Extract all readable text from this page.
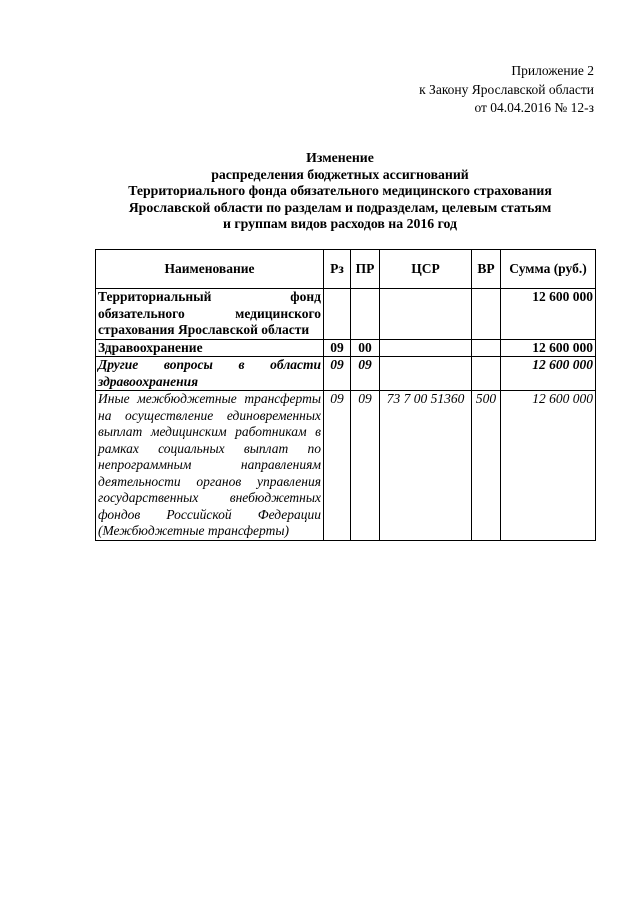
Приложение 2
к Закону Ярославской области
от 04.04.2016 № 12-з
Изменение
распределения бюджетных ассигнований
Территориального фонда обязательного медицинского страхования
Ярославской области по разделам и подразделам, целевым статьям
и группам видов расходов на 2016 год
Наименование	Рз	ПР	ЦСР	ВР	Сумма (руб.)
Территориальный фонд обязательного медицинского страхования Ярославской области					12 600 000
Здравоохранение	09	00			12 600 000
Другие вопросы в области здравоохранения	09	09			12 600 000
Иные межбюджетные трансферты на осуществление единовременных выплат медицинским работникам в рамках социальных выплат по непрограммным направлениям деятельности органов управления государственных внебюджетных фондов Российской Федерации (Межбюджетные трансферты)	09	09	73 7 00 51360	500	12 600 000
